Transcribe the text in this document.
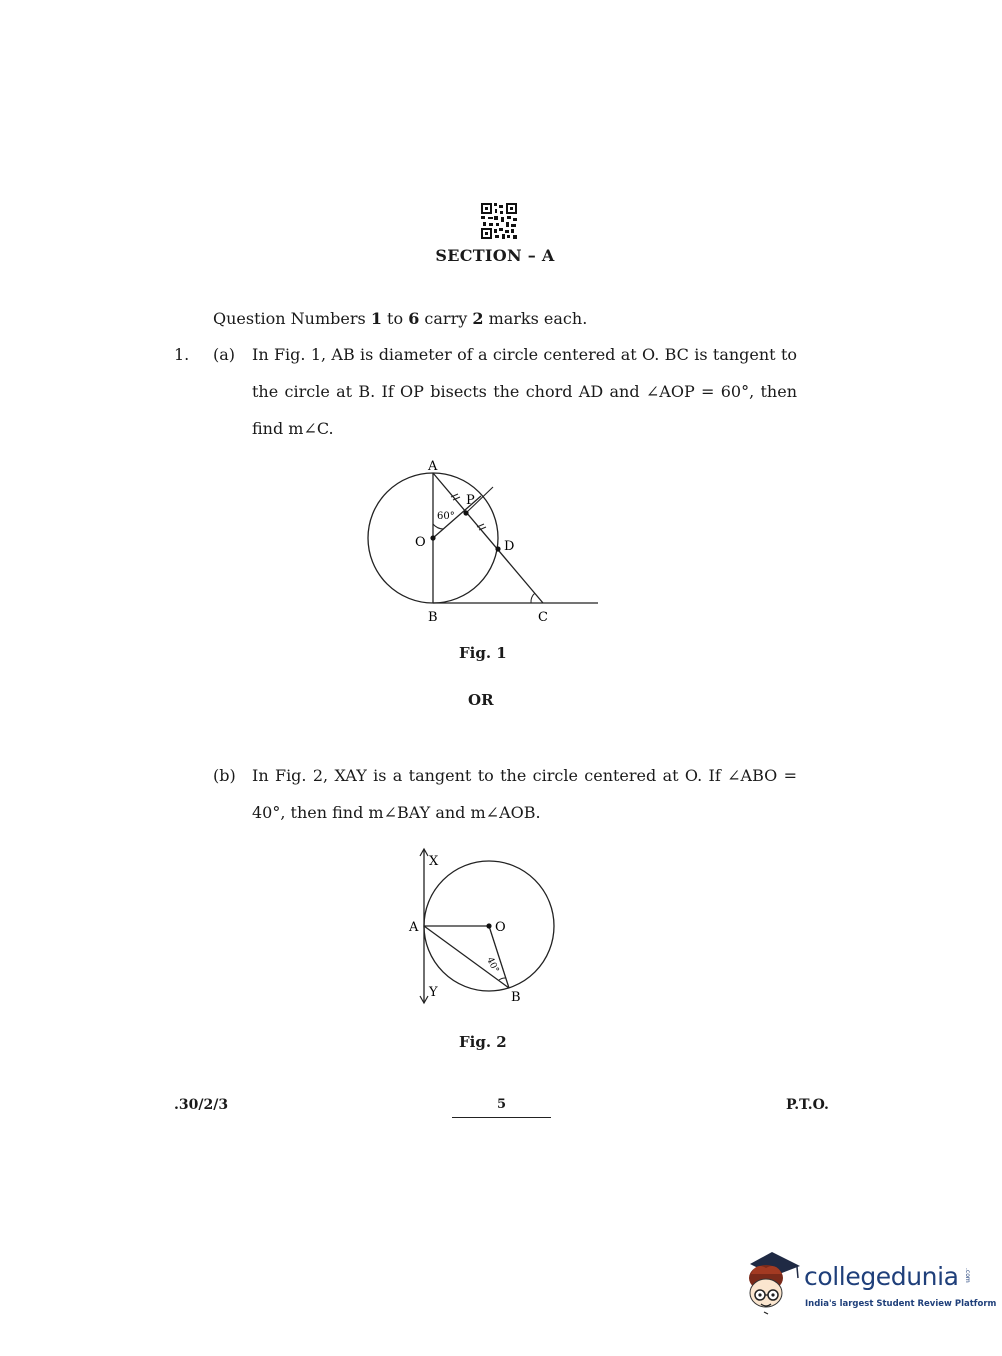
SECTION – A
Question Numbers 1 to 6 carry 2 marks each.
1. (a) In Fig. 1, AB is diameter of a circle centered at O. BC is tangent to the circle at B. If OP bisects the chord AD and ∠AOP = 60°, then find m∠C.
A
P
60°
O	D
B	C
Fig. 1
OR
(b) In Fig. 2, XAY is a tangent to the circle centered at O. If ∠ABO = 40°, then find m∠BAY and m∠AOB.
X
A	O
40°
Y	B
Fig. 2
.30/2/3	5	P.T.O.
collegedunia .com
India's largest Student Review Platform
